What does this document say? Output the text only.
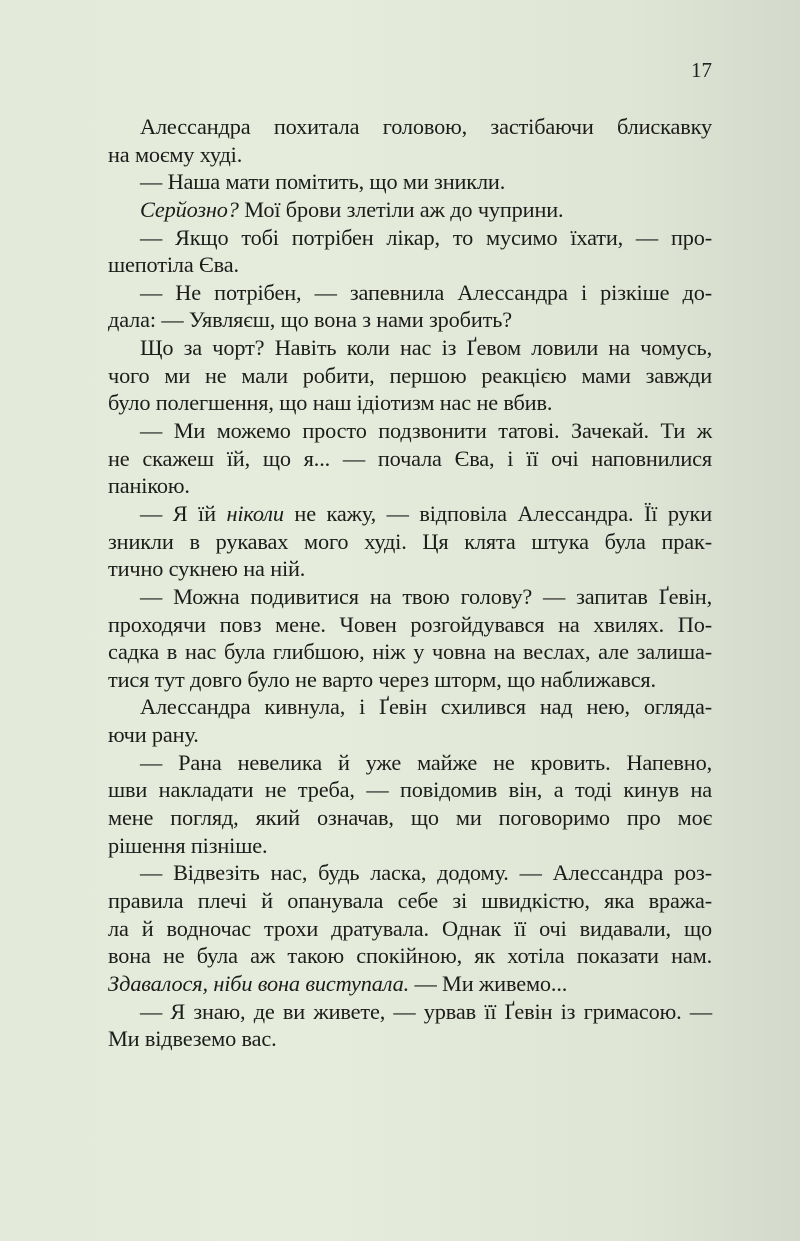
17
Алессандра похитала головою, застібаючи блискавку
на моєму худі.
— Наша мати помітить, що ми зникли.
Серйозно? Мої брови злетіли аж до чуприни.
— Якщо тобі потрібен лікар, то мусимо їхати, — про-
шепотіла Єва.
— Не потрібен, — запевнила Алессандра і різкіше до-
дала: — Уявляєш, що вона з нами зробить?
Що за чорт? Навіть коли нас із Ґевом ловили на чомусь,
чого ми не мали робити, першою реакцією мами завжди
було полегшення, що наш ідіотизм нас не вбив.
— Ми можемо просто подзвонити татові. Зачекай. Ти ж
не скажеш їй, що я... — почала Єва, і її очі наповнилися
панікою.
— Я їй ніколи не кажу, — відповіла Алессандра. Її руки
зникли в рукавах мого худі. Ця клята штука була прак-
тично сукнею на ній.
— Можна подивитися на твою голову? — запитав Ґевін,
проходячи повз мене. Човен розгойдувався на хвилях. По-
садка в нас була глибшою, ніж у човна на веслах, але залиша-
тися тут довго було не варто через шторм, що наближався.
Алессандра кивнула, і Ґевін схилився над нею, огляда-
ючи рану.
— Рана невелика й уже майже не кровить. Напевно,
шви накладати не треба, — повідомив він, а тоді кинув на
мене погляд, який означав, що ми поговоримо про моє
рішення пізніше.
— Відвезіть нас, будь ласка, додому. — Алессандра роз-
правила плечі й опанувала себе зі швидкістю, яка вража-
ла й водночас трохи дратувала. Однак її очі видавали, що
вона не була аж такою спокійною, як хотіла показати нам.
Здавалося, ніби вона виступала. — Ми живемо...
— Я знаю, де ви живете, — урвав її Ґевін із гримасою. —
Ми відвеземо вас.
